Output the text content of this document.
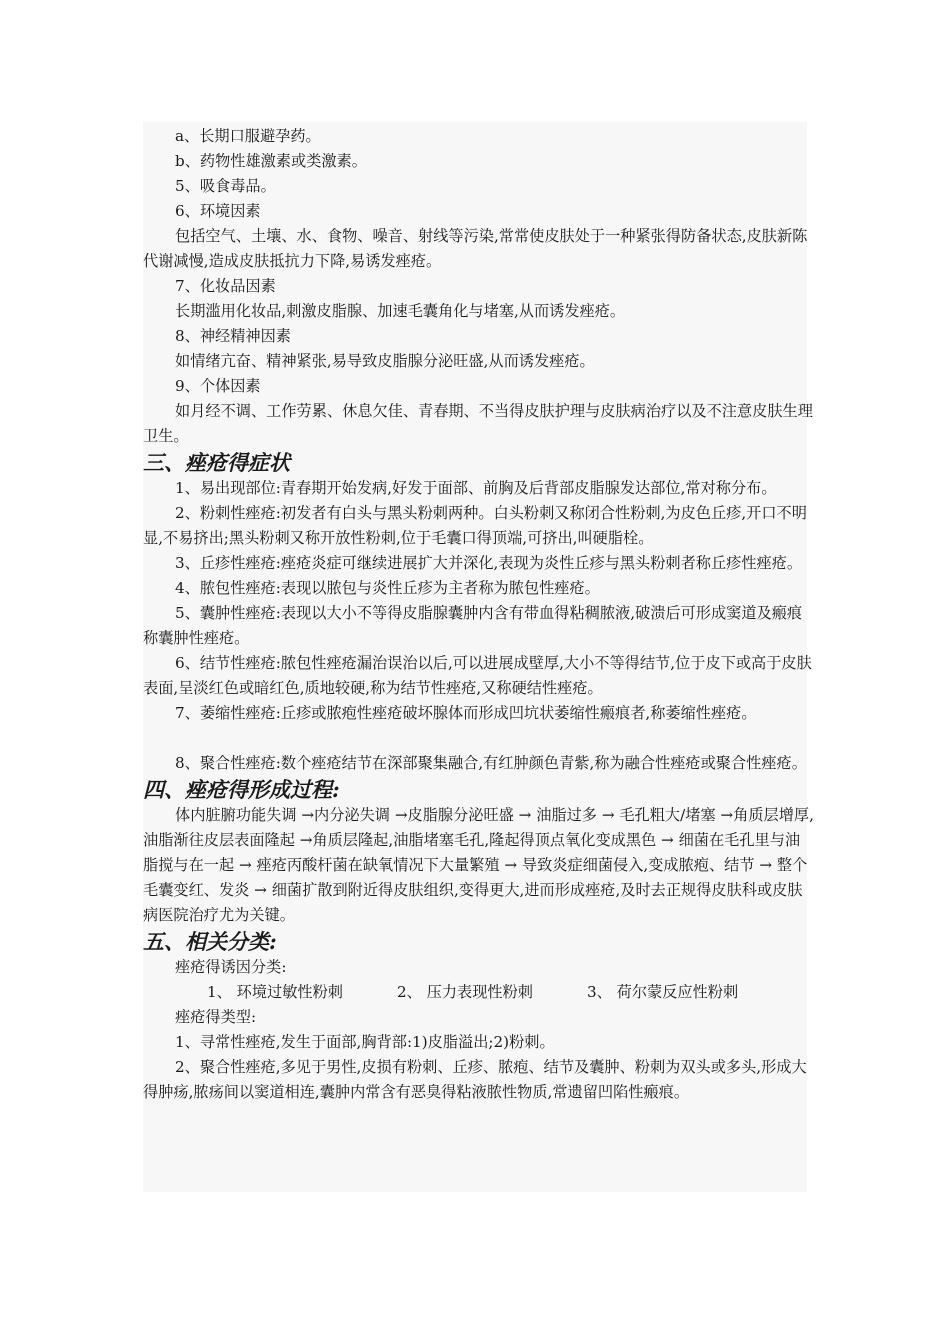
a、长期口服避孕药。

b、药物性雄激素或类激素。

5、吸食毒品。

6、环境因素

包括空气、土壤、水、食物、噪音、射线等污染,常常使皮肤处于一种紧张得防备状态,皮肤新陈代谢减慢,造成皮肤抵抗力下降,易诱发痤疮。

7、化妆品因素

长期滥用化妆品,刺激皮脂腺、加速毛囊角化与堵塞,从而诱发痤疮。

8、神经精神因素

如情绪亢奋、精神紧张,易导致皮脂腺分泌旺盛,从而诱发痤疮。

9、个体因素

如月经不调、工作劳累、休息欠佳、青春期、不当得皮肤护理与皮肤病治疗以及不注意皮肤生理卫生。

三、痤疮得症状

1、易出现部位:青春期开始发病,好发于面部、前胸及后背部皮脂腺发达部位,常对称分布。

2、粉刺性痤疮:初发者有白头与黑头粉刺两种。白头粉刺又称闭合性粉刺,为皮色丘疹,开口不明显,不易挤出;黑头粉刺又称开放性粉刺,位于毛囊口得顶端,可挤出,叫硬脂栓。

3、丘疹性痤疮:痤疮炎症可继续进展扩大并深化,表现为炎性丘疹与黑头粉刺者称丘疹性痤疮。

4、脓包性痤疮:表现以脓包与炎性丘疹为主者称为脓包性痤疮。

5、囊肿性痤疮:表现以大小不等得皮脂腺囊肿内含有带血得粘稠脓液,破溃后可形成窦道及瘢痕称囊肿性痤疮。

6、结节性痤疮:脓包性痤疮漏治误治以后,可以进展成壁厚,大小不等得结节,位于皮下或高于皮肤表面,呈淡红色或暗红色,质地较硬,称为结节性痤疮,又称硬结性痤疮。

7、萎缩性痤疮:丘疹或脓疱性痤疮破坏腺体而形成凹坑状萎缩性瘢痕者,称萎缩性痤疮。

8、聚合性痤疮:数个痤疮结节在深部聚集融合,有红肿颜色青紫,称为融合性痤疮或聚合性痤疮。

四、痤疮得形成过程:

体内脏腑功能失调 →内分泌失调 →皮脂腺分泌旺盛 → 油脂过多 → 毛孔粗大/堵塞 →角质层增厚,油脂渐往皮层表面隆起 →角质层隆起,油脂堵塞毛孔,隆起得顶点氧化变成黑色 → 细菌在毛孔里与油脂搅与在一起 → 痤疮丙酸杆菌在缺氧情况下大量繁殖 → 导致炎症细菌侵入,变成脓疱、结节 → 整个毛囊变红、发炎 → 细菌扩散到附近得皮肤组织,变得更大,进而形成痤疮,及时去正规得皮肤科或皮肤病医院治疗尤为关键。

五、相关分类:

痤疮得诱因分类:

1、 环境过敏性粉刺	2、 压力表现性粉刺	3、 荷尔蒙反应性粉刺

痤疮得类型:

1、寻常性痤疮,发生于面部,胸背部:1)皮脂溢出;2)粉刺。

2、聚合性痤疮,多见于男性,皮损有粉刺、丘疹、脓疱、结节及囊肿、粉刺为双头或多头,形成大得肿疡,脓疡间以窦道相连,囊肿内常含有恶臭得粘液脓性物质,常遗留凹陷性瘢痕。
